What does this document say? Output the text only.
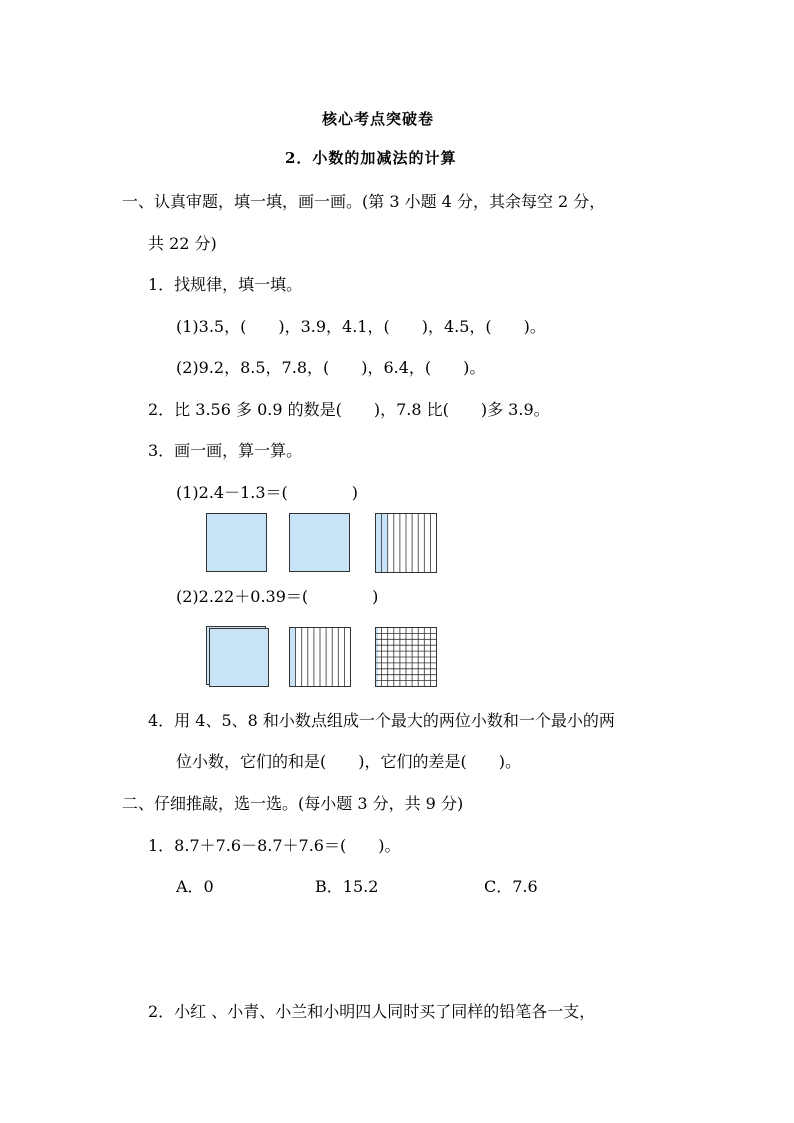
核心考点突破卷
2．小数的加减法的计算
一、认真审题，填一填，画一画。(第 3 小题 4 分，其余每空 2 分，
共 22 分)
1．找规律，填一填。
(1)3.5，(　　)，3.9，4.1，(　　)，4.5，(　　)。
(2)9.2，8.5，7.8，(　　)，6.4，(　　)。
2．比 3.56 多 0.9 的数是(　　)，7.8 比(　　)多 3.9。
3．画一画，算一算。
(1)2.4－1.3＝(　　　　)
(2)2.22＋0.39＝(　　　　)
4．用 4、5、8 和小数点组成一个最大的两位小数和一个最小的两
位小数，它们的和是(　　)，它们的差是(　　)。
二、仔细推敲，选一选。(每小题 3 分，共 9 分)
1．8.7＋7.6－8.7＋7.6＝(　　)。
A．0	B．15.2	C．7.6
2．小红 、小青、小兰和小明四人同时买了同样的铅笔各一支，
